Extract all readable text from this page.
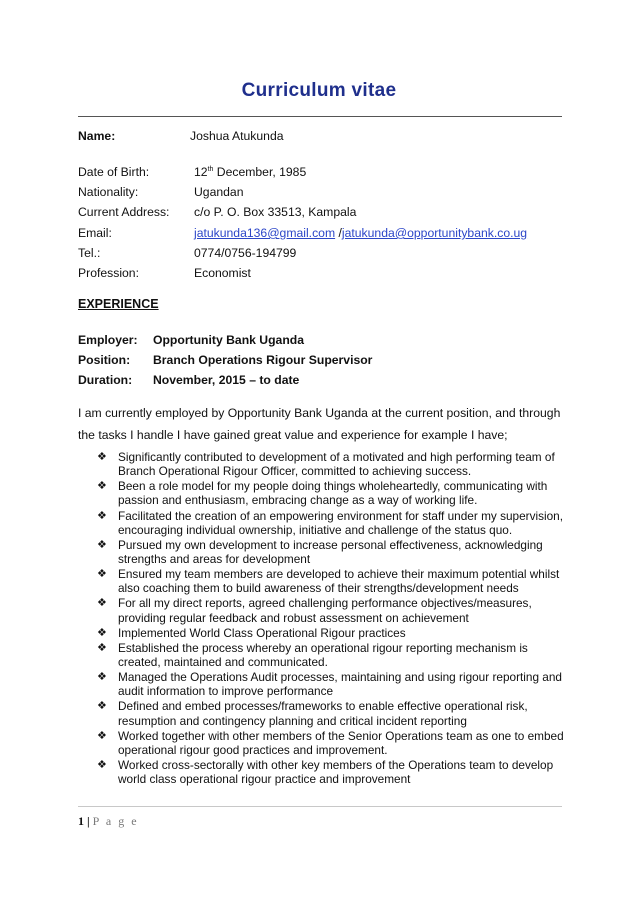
Curriculum vitae
Name:	Joshua Atukunda
Date of Birth:	12th December, 1985
Nationality:	Ugandan
Current Address: c/o P. O. Box 33513, Kampala
Email:	jatukunda136@gmail.com /jatukunda@opportunitybank.co.ug
Tel.:	0774/0756-194799
Profession:	Economist
EXPERIENCE
Employer: Opportunity Bank Uganda
Position: Branch Operations Rigour Supervisor
Duration: November, 2015 – to date
I am currently employed by Opportunity Bank Uganda at the current position, and through the tasks I handle I have gained great value and experience for example I have;
❖ Significantly contributed to development of a motivated and high performing team of Branch Operational Rigour Officer, committed to achieving success.
❖ Been a role model for my people doing things wholeheartedly, communicating with passion and enthusiasm, embracing change as a way of working life.
❖ Facilitated the creation of an empowering environment for staff under my supervision, encouraging individual ownership, initiative and challenge of the status quo.
❖ Pursued my own development to increase personal effectiveness, acknowledging strengths and areas for development
❖ Ensured my team members are developed to achieve their maximum potential whilst also coaching them to build awareness of their strengths/development needs
❖ For all my direct reports, agreed challenging performance objectives/measures, providing regular feedback and robust assessment on achievement
❖ Implemented World Class Operational Rigour practices
❖ Established the process whereby an operational rigour reporting mechanism is created, maintained and communicated.
❖ Managed the Operations Audit processes, maintaining and using rigour reporting and audit information to improve performance
❖ Defined and embed processes/frameworks to enable effective operational risk, resumption and contingency planning and critical incident reporting
❖ Worked together with other members of the Senior Operations team as one to embed operational rigour good practices and improvement.
❖ Worked cross-sectorally with other key members of the Operations team to develop world class operational rigour practice and improvement
1 | P a g e
